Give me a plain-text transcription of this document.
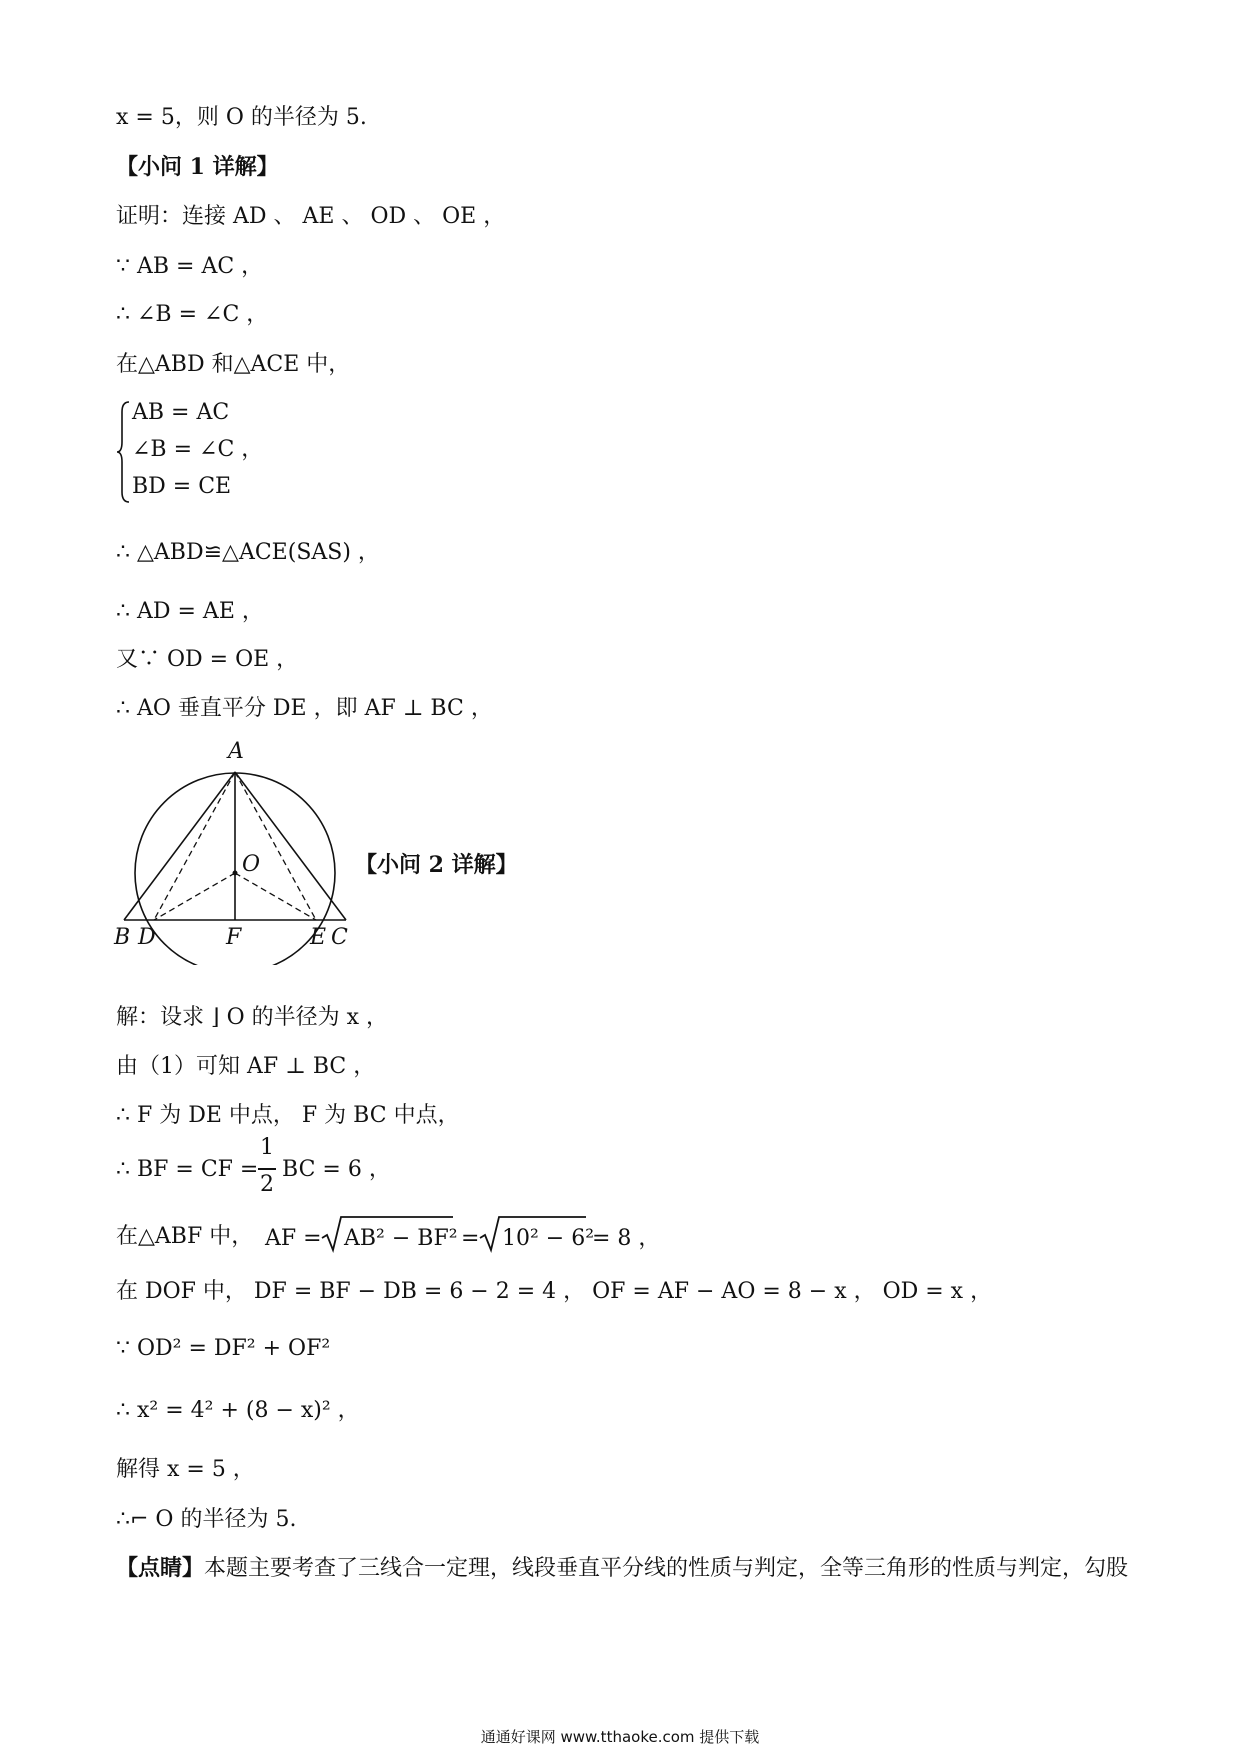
x = 5，则 O 的半径为 5.
【小问 1 详解】
证明：连接 AD 、 AE 、 OD 、 OE ，
∵ AB = AC ，
∴ ∠B = ∠C ，
在△ABD 和△ACE 中，
AB = AC
∠B = ∠C ，
BD = CE
∴ △ABD≌△ACE(SAS) ，
∴ AD = AE ，
又∵ OD = OE ，
∴ AO 垂直平分 DE ，即 AF ⊥ BC ，
A
O
B D	F	E C
【小问 2 详解】
解：设求 ⌋ O 的半径为 x ，
由（1）可知 AF ⊥ BC ，
∴ F 为 DE 中点， F 为 BC 中点，
∴ BF = CF =
1
2
BC = 6 ，
在△ABF 中， AF = AB² − BF² = 10² − 6²
= 8 ，
在 DOF 中， DF = BF − DB = 6 − 2 = 4 ， OF = AF − AO = 8 − x ， OD = x ，
∵ OD² = DF² + OF²
∴ x² = 4² + (8 − x)² ，
解得 x = 5 ，
∴⌐ O 的半径为 5.
【点睛】本题主要考查了三线合一定理，线段垂直平分线的性质与判定，全等三角形的性质与判定，勾股
通通好课网 www.tthaoke.com 提供下载
